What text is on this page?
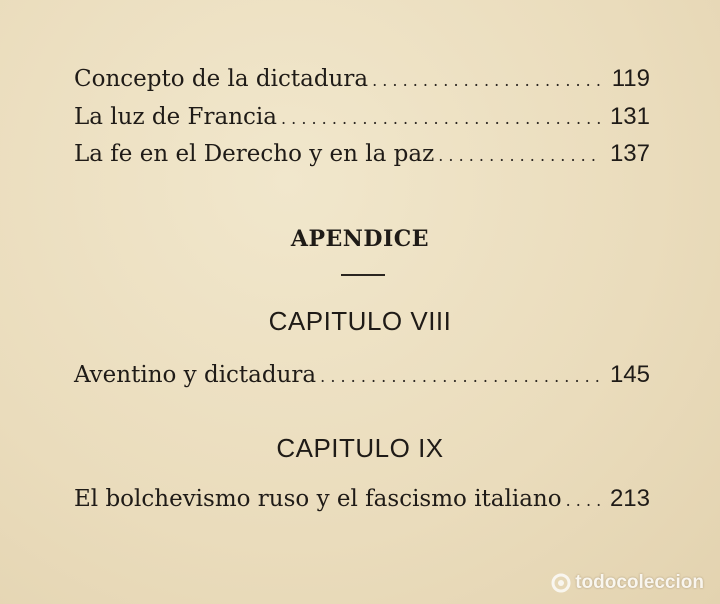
Concepto de la dictadura . . .	119
La luz de Francia . . .	131
La fe en el Derecho y en la paz . . .	137
APENDICE
CAPITULO VIII
Aventino y dictadura . . .	145
CAPITULO IX
El bolchevismo ruso y el fascismo italiano . . . 213
todocoleccion
